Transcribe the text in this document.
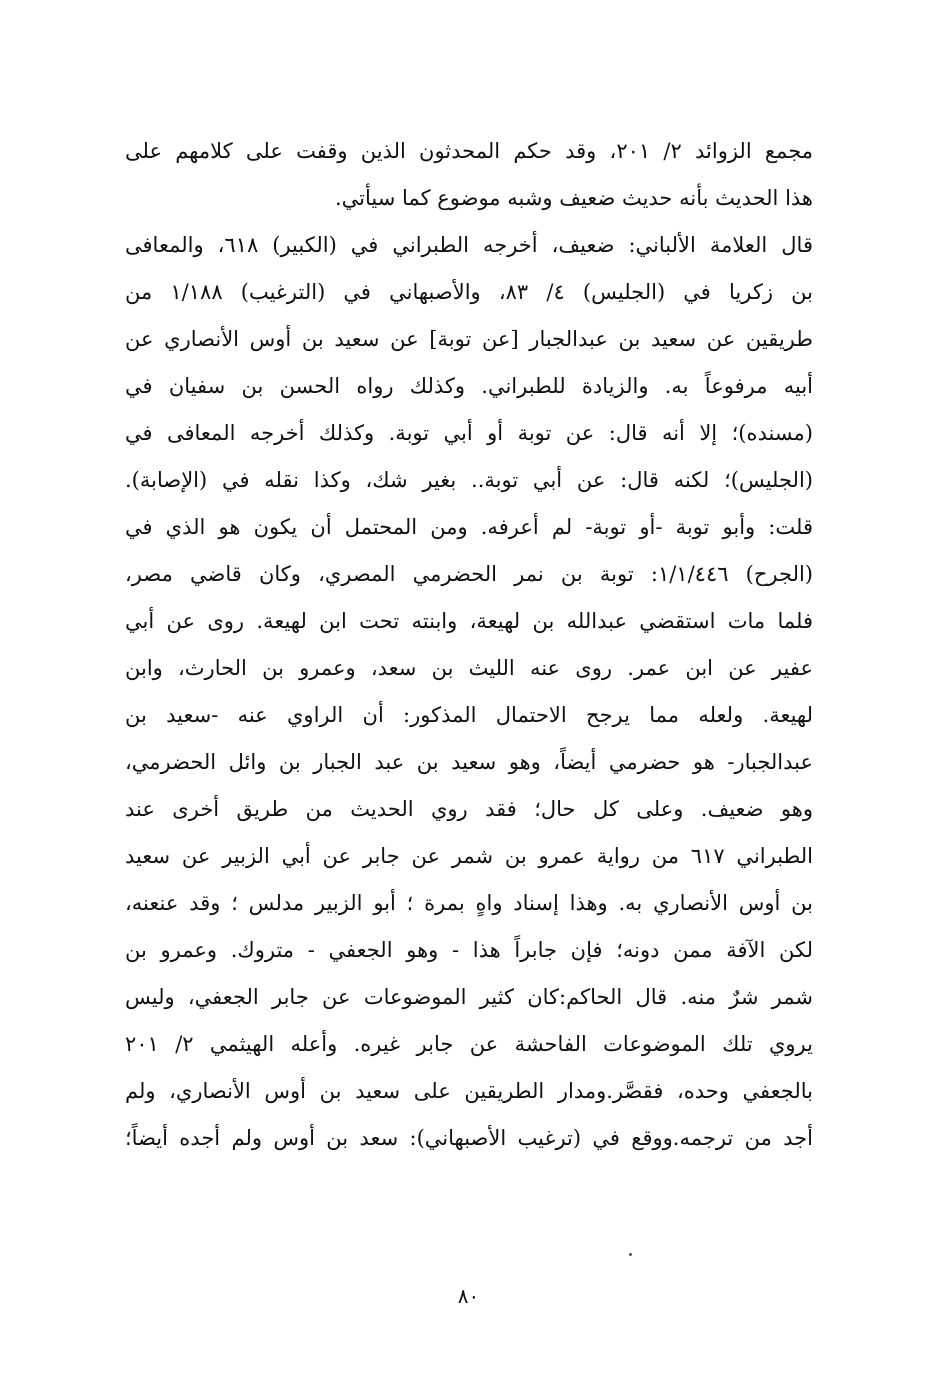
مجمع الزوائد ٢/ ٢٠١، وقد حكم المحدثون الذين وقفت على كلامهم على
هذا الحديث بأنه حديث ضعيف وشبه موضوع كما سيأتي.
قال العلامة الألباني: ضعيف، أخرجه الطبراني في (الكبير) ٦١٨، والمعافى
بن زكريا في (الجليس) ٤/ ٨٣، والأصبهاني في (الترغيب) ١/١٨٨ من
طريقين عن سعيد بن عبدالجبار [عن توبة] عن سعيد بن أوس الأنصاري عن
أبيه مرفوعاً به. والزيادة للطبراني. وكذلك رواه الحسن بن سفيان في
(مسنده)؛ إلا أنه قال: عن توبة أو أبي توبة. وكذلك أخرجه المعافى في
(الجليس)؛ لكنه قال: عن أبي توبة.. بغير شك، وكذا نقله في (الإصابة).
قلت: وأبو توبة -أو توبة- لم أعرفه. ومن المحتمل أن يكون هو الذي في
(الجرح) ١/١/٤٤٦: توبة بن نمر الحضرمي المصري، وكان قاضي مصر،
فلما مات استقضي عبدالله بن لهيعة، وابنته تحت ابن لهيعة. روى عن أبي
عفير عن ابن عمر. روى عنه الليث بن سعد، وعمرو بن الحارث، وابن
لهيعة. ولعله مما يرجح الاحتمال المذكور: أن الراوي عنه -سعيد بن
عبدالجبار- هو حضرمي أيضاً، وهو سعيد بن عبد الجبار بن وائل الحضرمي،
وهو ضعيف. وعلى كل حال؛ فقد روي الحديث من طريق أخرى عند
الطبراني ٦١٧ من رواية عمرو بن شمر عن جابر عن أبي الزبير عن سعيد
بن أوس الأنصاري به. وهذا إسناد واهٍ بمرة ؛ أبو الزبير مدلس ؛ وقد عنعنه،
لكن الآفة ممن دونه؛ فإن جابراً هذا - وهو الجعفي - متروك. وعمرو بن
شمر شرٌ منه. قال الحاكم:كان كثير الموضوعات عن جابر الجعفي، وليس
يروي تلك الموضوعات الفاحشة عن جابر غيره. وأعله الهيثمي ٢/ ٢٠١
بالجعفي وحده، فقصَّر.ومدار الطريقين على سعيد بن أوس الأنصاري، ولم
أجد من ترجمه.ووقع في (ترغيب الأصبهاني): سعد بن أوس ولم أجده أيضاً؛
٨٠
